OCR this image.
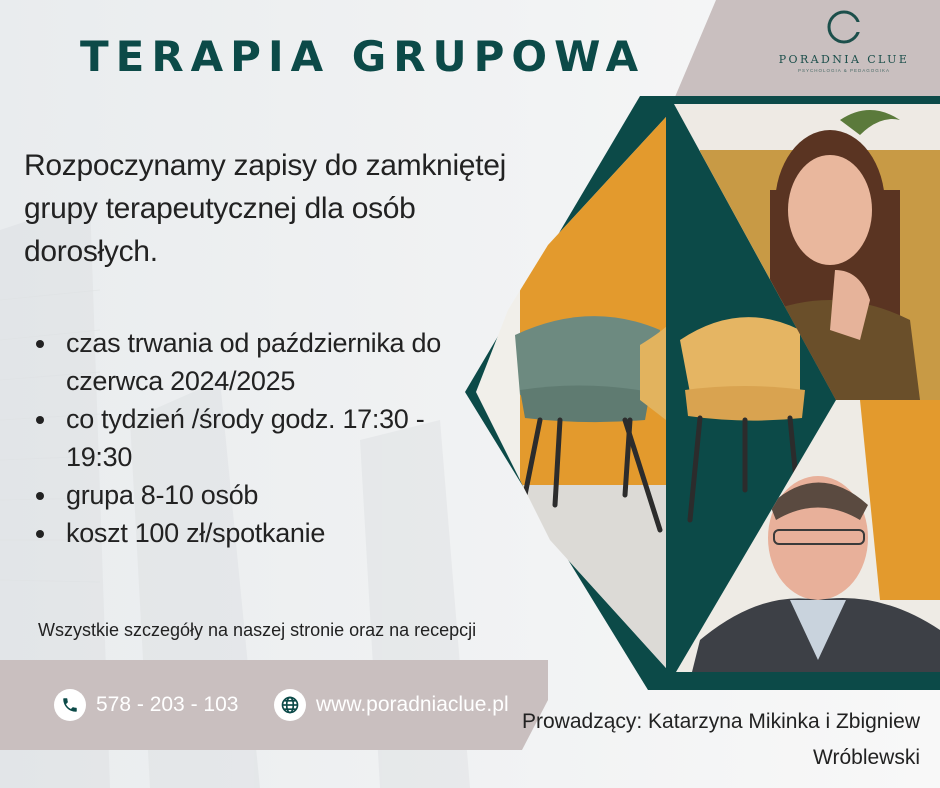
PORADNIA CLUE
PSYCHOLOGIA & PEDAGOGIKA
TERAPIA GRUPOWA

Rozpoczynamy zapisy do zamkniętej grupy terapeutycznej dla osób dorosłych.

czas trwania od października do czerwca 2024/2025
co tydzień /środy godz. 17:30 - 19:30
grupa 8-10 osób
koszt 100 zł/spotkanie

Wszystkie szczegóły na naszej stronie oraz na recepcji

578 - 203 - 103	www.poradniaclue.pl

Prowadzący: Katarzyna Mikinka i Zbigniew Wróblewski
